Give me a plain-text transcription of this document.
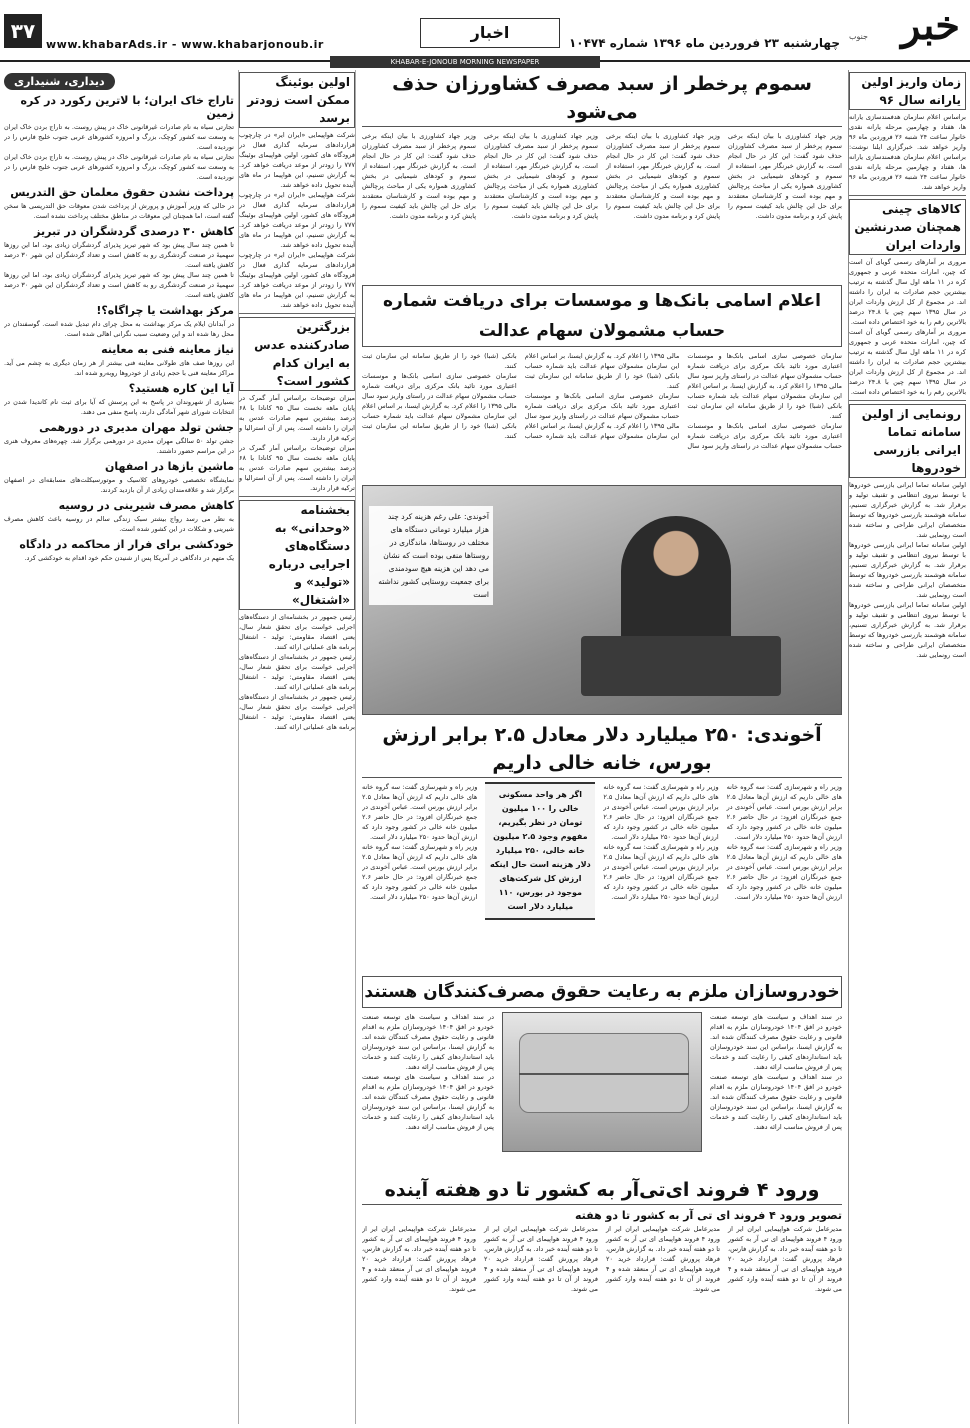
خبر
جنوب
چهارشنبه ۲۳ فروردین ماه ۱۳۹۶ شماره ۱۰۴۷۴
اخبار
www.khabarAds.ir - www.khabarjonoub.ir
۳۷
KHABAR-E-JONOUB MORNING NEWSPAPER
زمان واریز اولین یارانه سال ۹۶

براساس اعلام سازمان هدفمندسازی یارانه ها، هفتاد و چهارمین مرحله یارانه نقدی خانوار ساعت ۲۴ شنبه ۲۶ فروردین ماه ۹۶ واریز خواهد شد. خبرگزاری ایلنا نوشت: براساس اعلام سازمان هدفمندسازی یارانه ها، هفتاد و چهارمین مرحله یارانه نقدی خانوار ساعت ۲۴ شنبه ۲۶ فروردین ماه ۹۶ واریز خواهد شد.

کالاهای چینی همچنان صدرنشین واردات ایران

مروری بر آمارهای رسمی گویای آن است که چین، امارات متحده عربی و جمهوری کره در ۱۱ ماهه اول سال گذشته به ترتیب بیشترین حجم صادرات به ایران را داشته اند. در مجموع از کل ارزش واردات ایران در سال ۱۳۹۵ سهم چین با ۲۴.۸ درصد بالاترین رقم را به خود اختصاص داده است.

مروری بر آمارهای رسمی گویای آن است که چین، امارات متحده عربی و جمهوری کره در ۱۱ ماهه اول سال گذشته به ترتیب بیشترین حجم صادرات به ایران را داشته اند. در مجموع از کل ارزش واردات ایران در سال ۱۳۹۵ سهم چین با ۲۴.۸ درصد بالاترین رقم را به خود اختصاص داده است.

رونمایی از اولین سامانه تماما ایرانی بازرسی خودروها

اولین سامانه تماما ایرانی بازرسی خودروها با توسط نیروی انتظامی و تقنیف تولید و برقرار شد. به گزارش خبرگزاری تسنیم، سامانه هوشمند بازرسی خودروها که توسط متخصصان ایرانی طراحی و ساخته شده است رونمایی شد.

اولین سامانه تماما ایرانی بازرسی خودروها با توسط نیروی انتظامی و تقنیف تولید و برقرار شد. به گزارش خبرگزاری تسنیم، سامانه هوشمند بازرسی خودروها که توسط متخصصان ایرانی طراحی و ساخته شده است رونمایی شد.

اولین سامانه تماما ایرانی بازرسی خودروها با توسط نیروی انتظامی و تقنیف تولید و برقرار شد. به گزارش خبرگزاری تسنیم، سامانه هوشمند بازرسی خودروها که توسط متخصصان ایرانی طراحی و ساخته شده است رونمایی شد.

سموم پرخطر از سبد مصرف کشاورزان حذف می‌شود

وزیر جهاد کشاورزی با بیان اینکه برخی سموم پرخطر از سبد مصرف کشاورزان حذف شود گفت: این کار در حال انجام است. به گزارش خبرنگار مهر، استفاده از سموم و کودهای شیمیایی در بخش کشاورزی همواره یکی از مباحث پرچالش و مهم بوده است و کارشناسان معتقدند برای حل این چالش باید کیفیت سموم را پایش کرد و برنامه مدون داشت.

وزیر جهاد کشاورزی با بیان اینکه برخی سموم پرخطر از سبد مصرف کشاورزان حذف شود گفت: این کار در حال انجام است. به گزارش خبرنگار مهر، استفاده از سموم و کودهای شیمیایی در بخش کشاورزی همواره یکی از مباحث پرچالش و مهم بوده است و کارشناسان معتقدند برای حل این چالش باید کیفیت سموم را پایش کرد و برنامه مدون داشت.

وزیر جهاد کشاورزی با بیان اینکه برخی سموم پرخطر از سبد مصرف کشاورزان حذف شود گفت: این کار در حال انجام است. به گزارش خبرنگار مهر، استفاده از سموم و کودهای شیمیایی در بخش کشاورزی همواره یکی از مباحث پرچالش و مهم بوده است و کارشناسان معتقدند برای حل این چالش باید کیفیت سموم را پایش کرد و برنامه مدون داشت.

وزیر جهاد کشاورزی با بیان اینکه برخی سموم پرخطر از سبد مصرف کشاورزان حذف شود گفت: این کار در حال انجام است. به گزارش خبرنگار مهر، استفاده از سموم و کودهای شیمیایی در بخش کشاورزی همواره یکی از مباحث پرچالش و مهم بوده است و کارشناسان معتقدند برای حل این چالش باید کیفیت سموم را پایش کرد و برنامه مدون داشت.

اعلام اسامی بانک‌ها و موسسات برای دریافت شماره حساب مشمولان سهام عدالت

سازمان خصوصی سازی اسامی بانک‌ها و موسسات اعتباری مورد تائید بانک مرکزی برای دریافت شماره حساب مشمولان سهام عدالت در راستای واریز سود سال مالی ۱۳۹۵ را اعلام کرد. به گزارش ایسنا، بر اساس اعلام این سازمان مشمولان سهام عدالت باید شماره حساب بانکی (شبا) خود را از طریق سامانه این سازمان ثبت کنند.

سازمان خصوصی سازی اسامی بانک‌ها و موسسات اعتباری مورد تائید بانک مرکزی برای دریافت شماره حساب مشمولان سهام عدالت در راستای واریز سود سال مالی ۱۳۹۵ را اعلام کرد. به گزارش ایسنا، بر اساس اعلام این سازمان مشمولان سهام عدالت باید شماره حساب بانکی (شبا) خود را از طریق سامانه این سازمان ثبت کنند.

سازمان خصوصی سازی اسامی بانک‌ها و موسسات اعتباری مورد تائید بانک مرکزی برای دریافت شماره حساب مشمولان سهام عدالت در راستای واریز سود سال مالی ۱۳۹۵ را اعلام کرد. به گزارش ایسنا، بر اساس اعلام این سازمان مشمولان سهام عدالت باید شماره حساب بانکی (شبا) خود را از طریق سامانه این سازمان ثبت کنند.

سازمان خصوصی سازی اسامی بانک‌ها و موسسات اعتباری مورد تائید بانک مرکزی برای دریافت شماره حساب مشمولان سهام عدالت در راستای واریز سود سال مالی ۱۳۹۵ را اعلام کرد. به گزارش ایسنا، بر اساس اعلام این سازمان مشمولان سهام عدالت باید شماره حساب بانکی (شبا) خود را از طریق سامانه این سازمان ثبت کنند.

آخوندی: علی رغم هزینه کرد چند هزار میلیارد تومانی دستگاه های مختلف در روستاها، ماندگاری در روستاها منفی بوده است که نشان می دهد این هزینه هیچ سودمندی برای جمعیت روستایی کشور نداشته است
آخوندی: ۲۵۰ میلیارد دلار معادل ۲.۵ برابر ارزش بورس، خانه خالی داریم

وزیر راه و شهرسازی گفت: سه گروه خانه های خالی داریم که ارزش آن‌ها معادل ۲.۵ برابر ارزش بورس است. عباس آخوندی در جمع خبرنگاران افزود: در حال حاضر ۲.۶ میلیون خانه خالی در کشور وجود دارد که ارزش آن‌ها حدود ۲۵۰ میلیارد دلار است.

وزیر راه و شهرسازی گفت: سه گروه خانه های خالی داریم که ارزش آن‌ها معادل ۲.۵ برابر ارزش بورس است. عباس آخوندی در جمع خبرنگاران افزود: در حال حاضر ۲.۶ میلیون خانه خالی در کشور وجود دارد که ارزش آن‌ها حدود ۲۵۰ میلیارد دلار است.

وزیر راه و شهرسازی گفت: سه گروه خانه های خالی داریم که ارزش آن‌ها معادل ۲.۵ برابر ارزش بورس است. عباس آخوندی در جمع خبرنگاران افزود: در حال حاضر ۲.۶ میلیون خانه خالی در کشور وجود دارد که ارزش آن‌ها حدود ۲۵۰ میلیارد دلار است.

وزیر راه و شهرسازی گفت: سه گروه خانه های خالی داریم که ارزش آن‌ها معادل ۲.۵ برابر ارزش بورس است. عباس آخوندی در جمع خبرنگاران افزود: در حال حاضر ۲.۶ میلیون خانه خالی در کشور وجود دارد که ارزش آن‌ها حدود ۲۵۰ میلیارد دلار است.

اگر هر واحد مسکونی خالی را ۱۰۰ میلیون تومان در نظر بگیریم، مفهوم وجود ۲.۵ میلیون خانه خالی، ۲۵۰ میلیارد دلار هزینه است حال اینکه ارزش کل شرکت‌های موجود در بورس، ۱۱۰ میلیارد دلار است

وزیر راه و شهرسازی گفت: سه گروه خانه های خالی داریم که ارزش آن‌ها معادل ۲.۵ برابر ارزش بورس است. عباس آخوندی در جمع خبرنگاران افزود: در حال حاضر ۲.۶ میلیون خانه خالی در کشور وجود دارد که ارزش آن‌ها حدود ۲۵۰ میلیارد دلار است.

وزیر راه و شهرسازی گفت: سه گروه خانه های خالی داریم که ارزش آن‌ها معادل ۲.۵ برابر ارزش بورس است. عباس آخوندی در جمع خبرنگاران افزود: در حال حاضر ۲.۶ میلیون خانه خالی در کشور وجود دارد که ارزش آن‌ها حدود ۲۵۰ میلیارد دلار است.

خودروسازان ملزم به رعایت حقوق مصرف‌کنندگان هستند

در سند اهداف و سیاست های توسعه صنعت خودرو در افق ۱۴۰۴ خودروسازان ملزم به اقدام قانونی و رعایت حقوق مصرف کنندگان شده اند. به گزارش ایسنا، براساس این سند خودروسازان باید استانداردهای کیفی را رعایت کنند و خدمات پس از فروش مناسب ارائه دهند.

در سند اهداف و سیاست های توسعه صنعت خودرو در افق ۱۴۰۴ خودروسازان ملزم به اقدام قانونی و رعایت حقوق مصرف کنندگان شده اند. به گزارش ایسنا، براساس این سند خودروسازان باید استانداردهای کیفی را رعایت کنند و خدمات پس از فروش مناسب ارائه دهند.

در سند اهداف و سیاست های توسعه صنعت خودرو در افق ۱۴۰۴ خودروسازان ملزم به اقدام قانونی و رعایت حقوق مصرف کنندگان شده اند. به گزارش ایسنا، براساس این سند خودروسازان باید استانداردهای کیفی را رعایت کنند و خدمات پس از فروش مناسب ارائه دهند.

در سند اهداف و سیاست های توسعه صنعت خودرو در افق ۱۴۰۴ خودروسازان ملزم به اقدام قانونی و رعایت حقوق مصرف کنندگان شده اند. به گزارش ایسنا، براساس این سند خودروسازان باید استانداردهای کیفی را رعایت کنند و خدمات پس از فروش مناسب ارائه دهند.

ورود ۴ فروند ای‌تی‌آر به کشور تا دو هفته آینده
تصویر ورود ۴ فروند ای تی آر به کشور تا دو هفته

مدیرعامل شرکت هواپیمایی ایران ایر از ورود ۴ فروند هواپیمای ای تی آر به کشور تا دو هفته آینده خبر داد. به گزارش فارس، فرهاد پرورش گفت: قرارداد خرید ۲۰ فروند هواپیمای ای تی آر منعقد شده و ۴ فروند از آن تا دو هفته آینده وارد کشور می شوند.

مدیرعامل شرکت هواپیمایی ایران ایر از ورود ۴ فروند هواپیمای ای تی آر به کشور تا دو هفته آینده خبر داد. به گزارش فارس، فرهاد پرورش گفت: قرارداد خرید ۲۰ فروند هواپیمای ای تی آر منعقد شده و ۴ فروند از آن تا دو هفته آینده وارد کشور می شوند.

مدیرعامل شرکت هواپیمایی ایران ایر از ورود ۴ فروند هواپیمای ای تی آر به کشور تا دو هفته آینده خبر داد. به گزارش فارس، فرهاد پرورش گفت: قرارداد خرید ۲۰ فروند هواپیمای ای تی آر منعقد شده و ۴ فروند از آن تا دو هفته آینده وارد کشور می شوند.

مدیرعامل شرکت هواپیمایی ایران ایر از ورود ۴ فروند هواپیمای ای تی آر به کشور تا دو هفته آینده خبر داد. به گزارش فارس، فرهاد پرورش گفت: قرارداد خرید ۲۰ فروند هواپیمای ای تی آر منعقد شده و ۴ فروند از آن تا دو هفته آینده وارد کشور می شوند.

اولین بوئینگ ممکن است زودتر برسد

شرکت هواپیمایی «ایران ایر» در چارچوب قراردادهای سرمایه گذاری فعال در فرودگاه های کشور، اولین هواپیمای بوئینگ ۷۷۷ را زودتر از موعد دریافت خواهد کرد. به گزارش تسنیم، این هواپیما در ماه های آینده تحویل داده خواهد شد.

شرکت هواپیمایی «ایران ایر» در چارچوب قراردادهای سرمایه گذاری فعال در فرودگاه های کشور، اولین هواپیمای بوئینگ ۷۷۷ را زودتر از موعد دریافت خواهد کرد. به گزارش تسنیم، این هواپیما در ماه های آینده تحویل داده خواهد شد.

شرکت هواپیمایی «ایران ایر» در چارچوب قراردادهای سرمایه گذاری فعال در فرودگاه های کشور، اولین هواپیمای بوئینگ ۷۷۷ را زودتر از موعد دریافت خواهد کرد. به گزارش تسنیم، این هواپیما در ماه های آینده تحویل داده خواهد شد.

بزرگترین صادرکننده عدس به ایران کدام کشور است؟

میزان توضیحات براساس آمار گمرک در پایان ماهه نخست سال ۹۵ کانادا با ۶۸ درصد بیشترین سهم صادرات عدس به ایران را داشته است. پس از آن استرالیا و ترکیه قرار دارند.

میزان توضیحات براساس آمار گمرک در پایان ماهه نخست سال ۹۵ کانادا با ۶۸ درصد بیشترین سهم صادرات عدس به ایران را داشته است. پس از آن استرالیا و ترکیه قرار دارند.

بخشنامه «وحدانی» به دستگاه‌های اجرایی درباره «تولید» و «اشتغال»

رئیس جمهور در بخشنامه‌ای از دستگاه‌های اجرایی خواست برای تحقق شعار سال، یعنی اقتصاد مقاومتی: تولید - اشتغال برنامه های عملیاتی ارائه کنند.

رئیس جمهور در بخشنامه‌ای از دستگاه‌های اجرایی خواست برای تحقق شعار سال، یعنی اقتصاد مقاومتی: تولید - اشتغال برنامه های عملیاتی ارائه کنند.

رئیس جمهور در بخشنامه‌ای از دستگاه‌های اجرایی خواست برای تحقق شعار سال، یعنی اقتصاد مقاومتی: تولید - اشتغال برنامه های عملیاتی ارائه کنند.

دیداری، شنیداری
تاراج خاک ایران؛ با لاترین رکورد در کره زمین

تجارتی سیاه به نام صادرات غیرقانونی خاک در پیش روست. به تاراج بردن خاک ایران به وسعت سه کشور کوچک، بزرگ و امروزه کشورهای عربی جنوب خلیج فارس را در نوردیده است.

تجارتی سیاه به نام صادرات غیرقانونی خاک در پیش روست. به تاراج بردن خاک ایران به وسعت سه کشور کوچک، بزرگ و امروزه کشورهای عربی جنوب خلیج فارس را در نوردیده است.

پرداخت نشدن حقوق معلمان حق التدریس

در حالی که وزیر آموزش و پرورش از پرداخت شدن معوقات حق التدریسی ها سخن گفته است، اما همچنان این معوقات در مناطق مختلف پرداخت نشده است.

کاهش ۳۰ درصدی گردشگران در تبریز

تا همین چند سال پیش بود که شهر تبریز پذیرای گردشگران زیادی بود، اما این روزها سهمیهٔ در صنعت گردشگری رو به کاهش است و تعداد گردشگران این شهر ۳۰ درصد کاهش یافته است.

تا همین چند سال پیش بود که شهر تبریز پذیرای گردشگران زیادی بود، اما این روزها سهمیهٔ در صنعت گردشگری رو به کاهش است و تعداد گردشگران این شهر ۳۰ درصد کاهش یافته است.

مرکز بهداشت یا چراگاه؟!

در آبدانان ایلام یک مرکز بهداشت به محل چرای دام تبدیل شده است. گوسفندان در محل رها شده اند و این وضعیت سبب نگرانی اهالی شده است.

نیاز معاینه فنی به معاینه

این روزها صف های طولانی معاینه فنی بیشتر از هر زمان دیگری به چشم می آید. مراکز معاینه فنی با حجم زیادی از خودروها روبه‌رو شده اند.

آیا این کاره هستید؟

بسیاری از شهروندان در پاسخ به این پرسش که آیا برای ثبت نام کاندیدا شدن در انتخابات شورای شهر آمادگی دارند، پاسخ منفی می دهند.

جشن تولد مهران مدیری در دورهمی

جشن تولد ۵۰ سالگی مهران مدیری در دورهمی برگزار شد. چهره‌های معروف هنری در این مراسم حضور داشتند.

ماشین بازها در اصفهان

نمایشگاه تخصصی خودروهای کلاسیک و موتورسیکلت‌های مسابقه‌ای در اصفهان برگزار شد و علاقه‌مندان زیادی از آن بازدید کردند.

کاهش مصرف شیرینی در روسیه

به نظر می رسد رواج بیشتر سبک زندگی سالم در روسیه باعث کاهش مصرف شیرینی و شکلات در این کشور شده است.

خودکشی برای فرار از محاکمه در دادگاه

یک متهم در دادگاهی در آمریکا پس از شنیدن حکم خود اقدام به خودکشی کرد.
